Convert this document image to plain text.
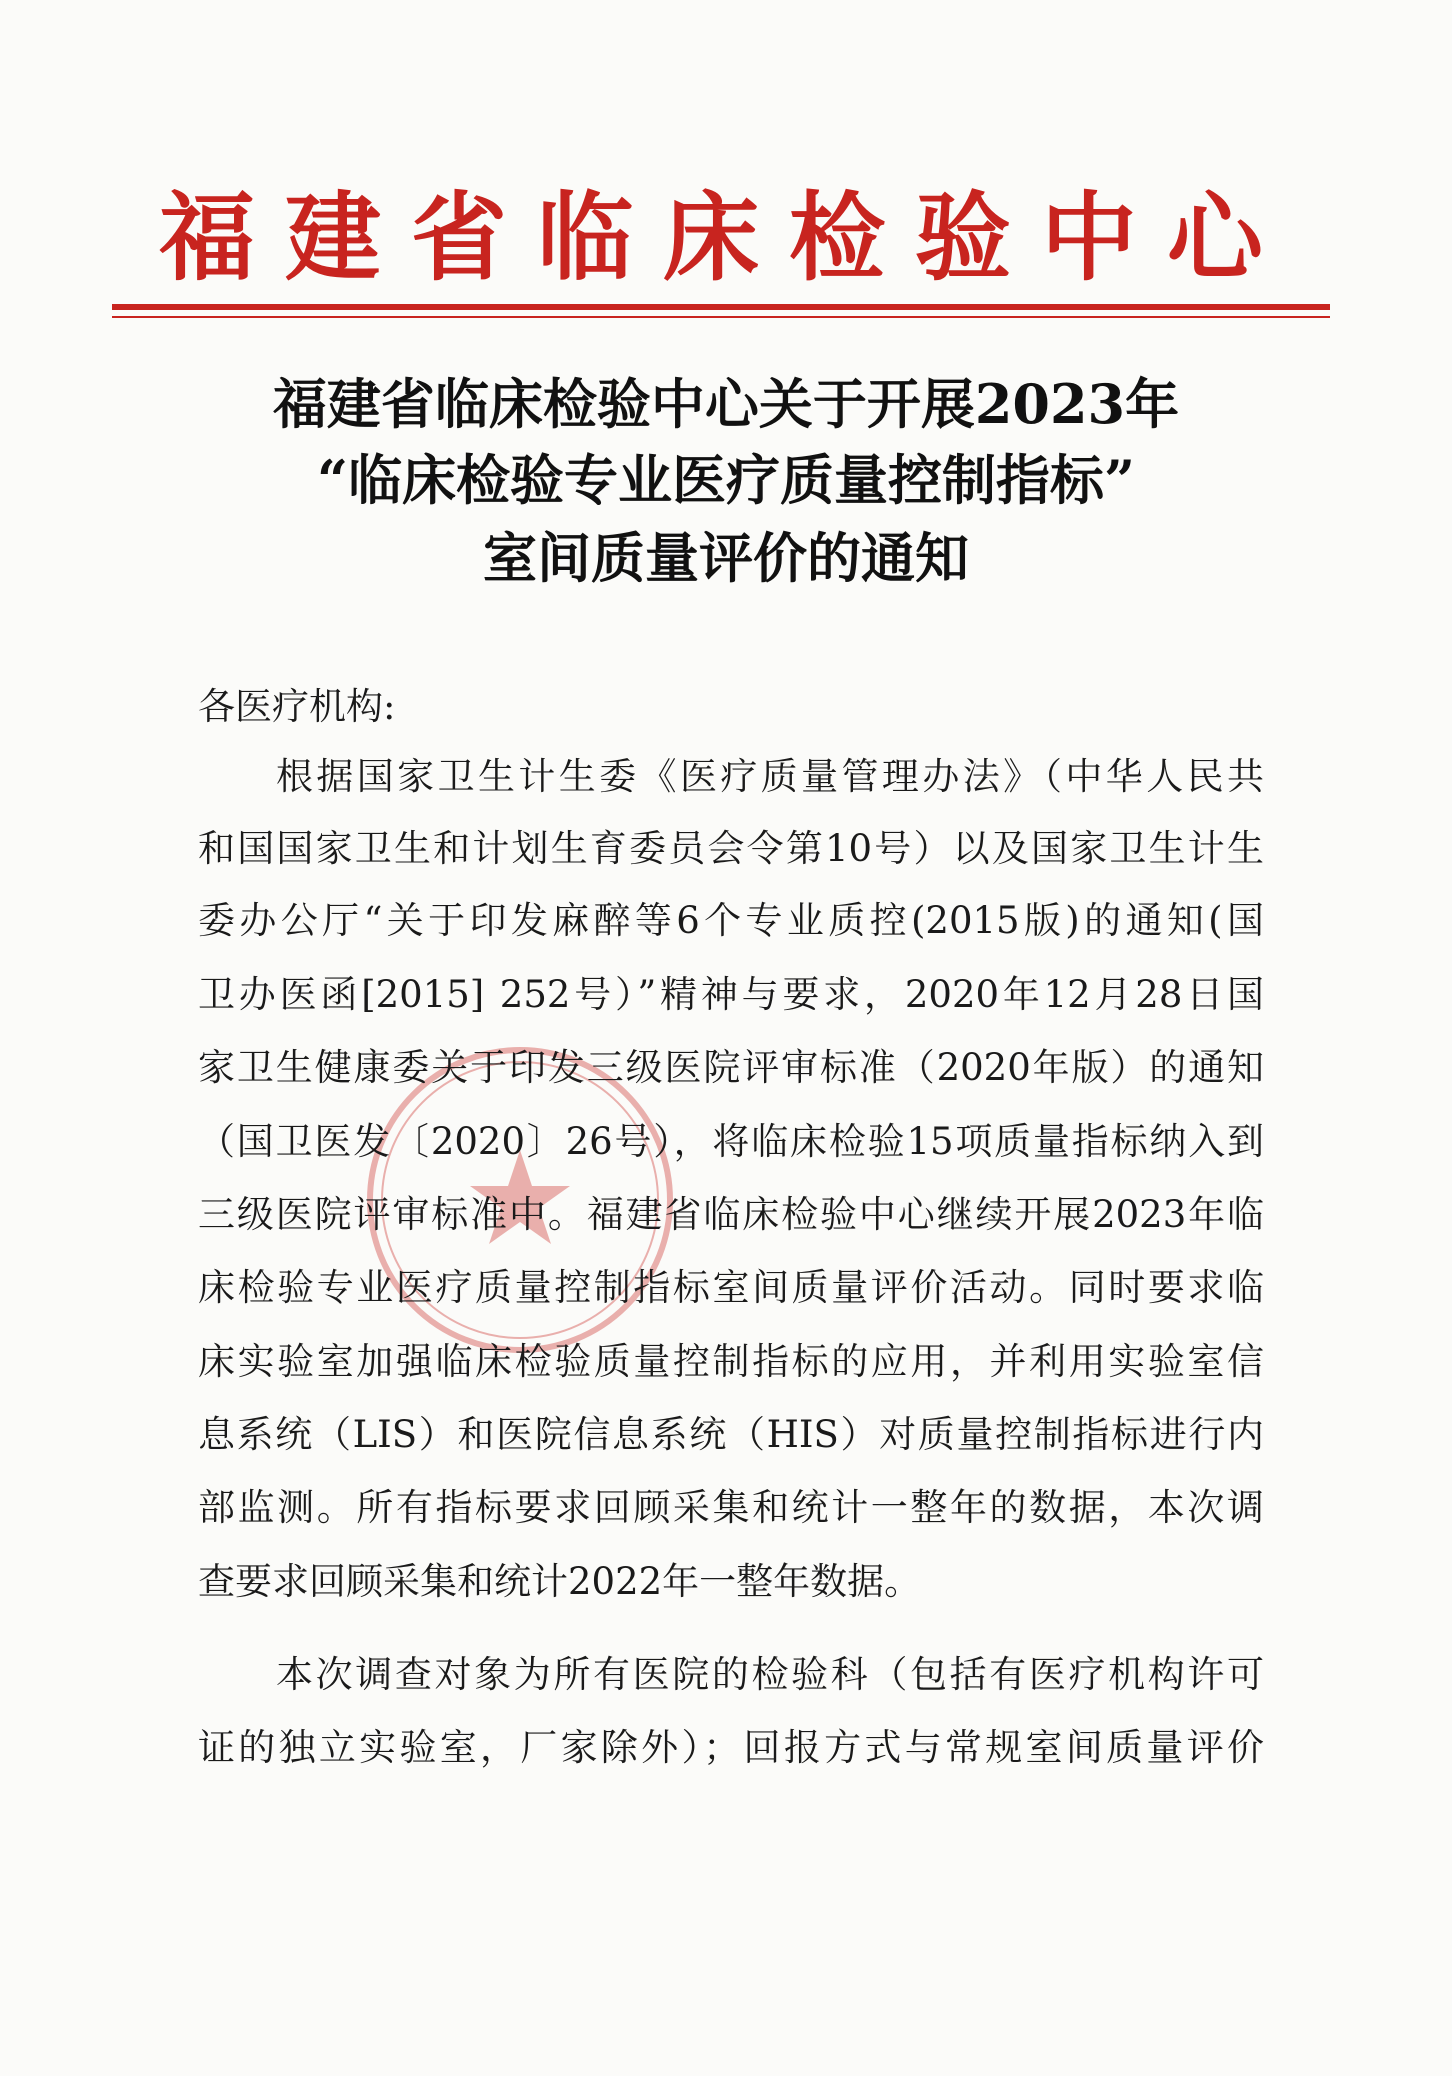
福建省临床检验中心
福建省临床检验中心关于开展2023年
“临床检验专业医疗质量控制指标”
室间质量评价的通知
各医疗机构:
根据国家卫生计生委《医疗质量管理办法》（中华人民共
和国国家卫生和计划生育委员会令第10号）以及国家卫生计生
委办公厅“关于印发麻醉等6个专业质控(2015版)的通知(国
卫办医函[2015] 252号）”精神与要求，2020年12月28日国
家卫生健康委关于印发三级医院评审标准（2020年版）的通知
（国卫医发〔2020〕26号），将临床检验15项质量指标纳入到
三级医院评审标准中。福建省临床检验中心继续开展2023年临
床检验专业医疗质量控制指标室间质量评价活动。同时要求临
床实验室加强临床检验质量控制指标的应用，并利用实验室信
息系统（LIS）和医院信息系统（HIS）对质量控制指标进行内
部监测。所有指标要求回顾采集和统计一整年的数据，本次调
查要求回顾采集和统计2022年一整年数据。
本次调查对象为所有医院的检验科（包括有医疗机构许可
证的独立实验室，厂家除外）；回报方式与常规室间质量评价
